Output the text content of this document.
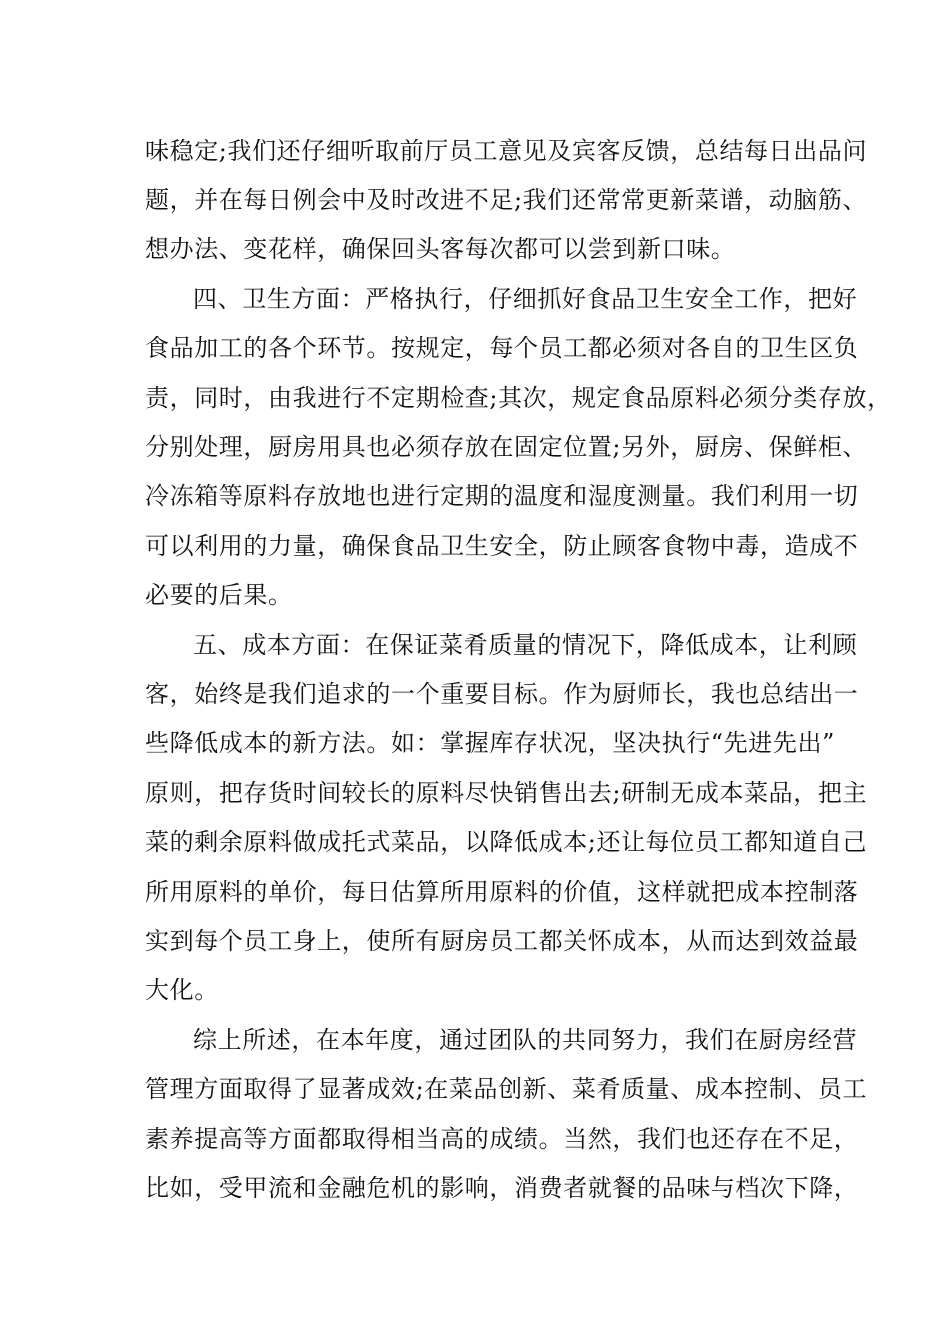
味稳定;我们还仔细听取前厅员工意见及宾客反馈，总结每日出品问
题，并在每日例会中及时改进不足;我们还常常更新菜谱，动脑筋、
想办法、变花样，确保回头客每次都可以尝到新口味。
四、卫生方面：严格执行，仔细抓好食品卫生安全工作，把好
食品加工的各个环节。按规定，每个员工都必须对各自的卫生区负
责，同时，由我进行不定期检查;其次，规定食品原料必须分类存放，
分别处理，厨房用具也必须存放在固定位置;另外，厨房、保鲜柜、
冷冻箱等原料存放地也进行定期的温度和湿度测量。我们利用一切
可以利用的力量，确保食品卫生安全，防止顾客食物中毒，造成不
必要的后果。
五、成本方面：在保证菜肴质量的情况下，降低成本，让利顾
客，始终是我们追求的一个重要目标。作为厨师长，我也总结出一
些降低成本的新方法。如：掌握库存状况，坚决执行“先进先出”
原则，把存货时间较长的原料尽快销售出去;研制无成本菜品，把主
菜的剩余原料做成托式菜品，以降低成本;还让每位员工都知道自己
所用原料的单价，每日估算所用原料的价值，这样就把成本控制落
实到每个员工身上，使所有厨房员工都关怀成本，从而达到效益最
大化。
综上所述，在本年度，通过团队的共同努力，我们在厨房经营
管理方面取得了显著成效;在菜品创新、菜肴质量、成本控制、员工
素养提高等方面都取得相当高的成绩。当然，我们也还存在不足，
比如，受甲流和金融危机的影响，消费者就餐的品味与档次下降，
